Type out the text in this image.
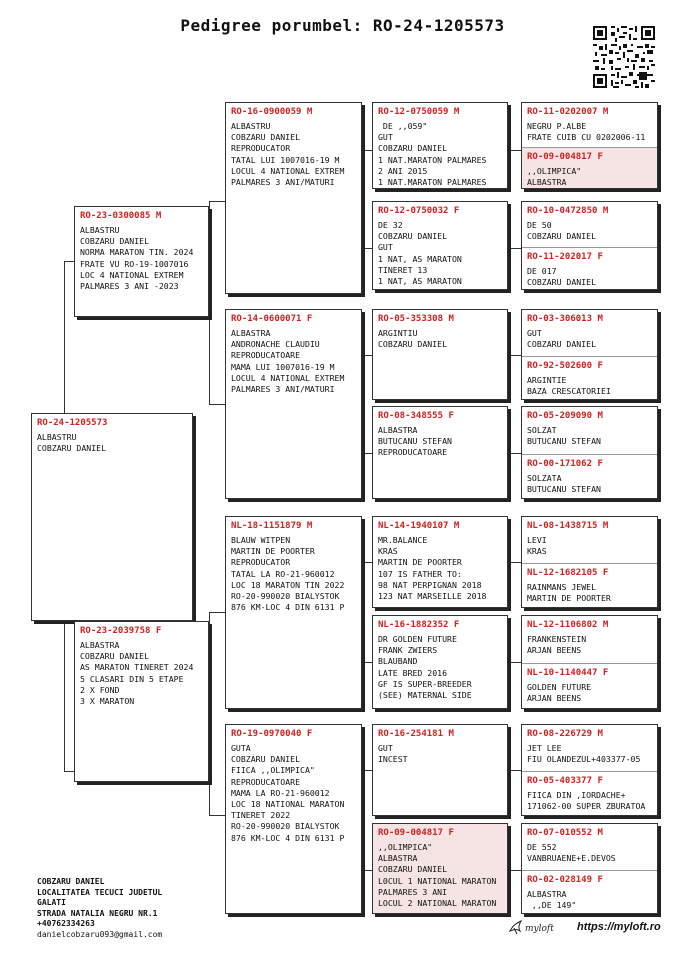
Pedigree porumbel: RO-24-1205573
RO-24-1205573
ALBASTRU
COBZARU DANIEL
RO-23-0300085 M
ALBASTRU
COBZARU DANIEL
NORMA MARATON TIN. 2024
FRATE VU RO-19-1007016
LOC 4 NATIONAL EXTREM
PALMARES 3 ANI -2023
RO-23-2039758 F
ALBASTRA
COBZARU DANIEL
AS MARATON TINERET 2024
5 CLASARI DIN 5 ETAPE
2 X FOND
3 X MARATON
RO-16-0900059 M
ALBASTRU
COBZARU DANIEL
REPRODUCATOR
TATAL LUI 1007016-19 M
LOCUL 4 NATIONAL EXTREM
PALMARES 3 ANI/MATURI
RO-14-0600071 F
ALBASTRA
ANDRONACHE CLAUDIU
REPRODUCATOARE
MAMA LUI 1007016-19 M
LOCUL 4 NATIONAL EXTREM
PALMARES 3 ANI/MATURI
NL-18-1151879 M
BLAUW WITPEN
MARTIN DE POORTER
REPRODUCATOR
TATAL LA RO-21-960012
LOC 18 MARATON TIN 2022
RO-20-990020 BIALYSTOK
876 KM-LOC 4 DIN 6131 P
RO-19-0970040 F
GUTA
COBZARU DANIEL
FIICA ,,OLIMPICA"
REPRODUCATOARE
MAMA LA RO-21-960012
LOC 18 NATIONAL MARATON
TINERET 2022
RO-20-990020 BIALYSTOK
876 KM-LOC 4 DIN 6131 P
RO-12-0750059 M
DE ,,059"
GUT
COBZARU DANIEL
1 NAT.MARATON PALMARES
2 ANI 2015
1 NAT.MARATON PALMARES
RO-12-0750032 F
DE 32
COBZARU DANIEL
GUT
1 NAT, AS MARATON
TINERET 13
1 NAT, AS MARATON
RO-05-353308 M
ARGINTIU
COBZARU DANIEL
RO-08-348555 F
ALBASTRA
BUTUCANU STEFAN
REPRODUCATOARE
NL-14-1940107 M
MR.BALANCE
KRAS
MARTIN DE POORTER
107 IS FATHER TO:
98 NAT PERPIGNAN 2018
123 NAT MARSEILLE 2018
NL-16-1882352 F
DR GOLDEN FUTURE
FRANK ZWIERS
BLAUBAND
LATE BRED 2016
GF IS SUPER-BREEDER
(SEE) MATERNAL SIDE
RO-16-254181 M
GUT
INCEST
RO-09-004817 F
,,OLIMPICA"
ALBASTRA
COBZARU DANIEL
L0CUL 1 NATIONAL MARATON
PALMARES 3 ANI
LOCUL 2 NATIONAL MARATON
RO-11-0202007 M
NEGRU P.ALBE
FRATE CUIB CU 0202006-11
RO-09-004817 F
,,OLIMPICA"
ALBASTRA
RO-10-0472850 M
DE 50
COBZARU DANIEL
RO-11-202017 F
DE 017
COBZARU DANIEL
RO-03-306013 M
GUT
COBZARU DANIEL
RO-92-502600 F
ARGINTIE
BAZA CRESCATORIEI
RO-05-209090 M
SOLZAT
BUTUCANU STEFAN
RO-00-171062 F
SOLZATA
BUTUCANU STEFAN
NL-08-1438715 M
LEVI
KRAS
NL-12-1682105 F
RAINMANS JEWEL
MARTIN DE POORTER
NL-12-1106802 M
FRANKENSTEIN
ARJAN BEENS
NL-10-1140447 F
GOLDEN FUTURE
ARJAN BEENS
RO-08-226729 M
JET LEE
FIU OLANDEZUL+403377-05
RO-05-403377 F
FIICA DIN ,IORDACHE+
171062-00 SUPER ZBURATOA
RO-07-010552 M
DE 552
VANBRUAENE+E.DEVOS
RO-02-028149 F
ALBASTRA
,,DE 149"
COBZARU DANIEL
LOCALITATEA TECUCI JUDETUL
GALATI
STRADA NATALIA NEGRU NR.1
+40762334263
danielcobzaru093@gmail.com	myloft https://myloft.ro
